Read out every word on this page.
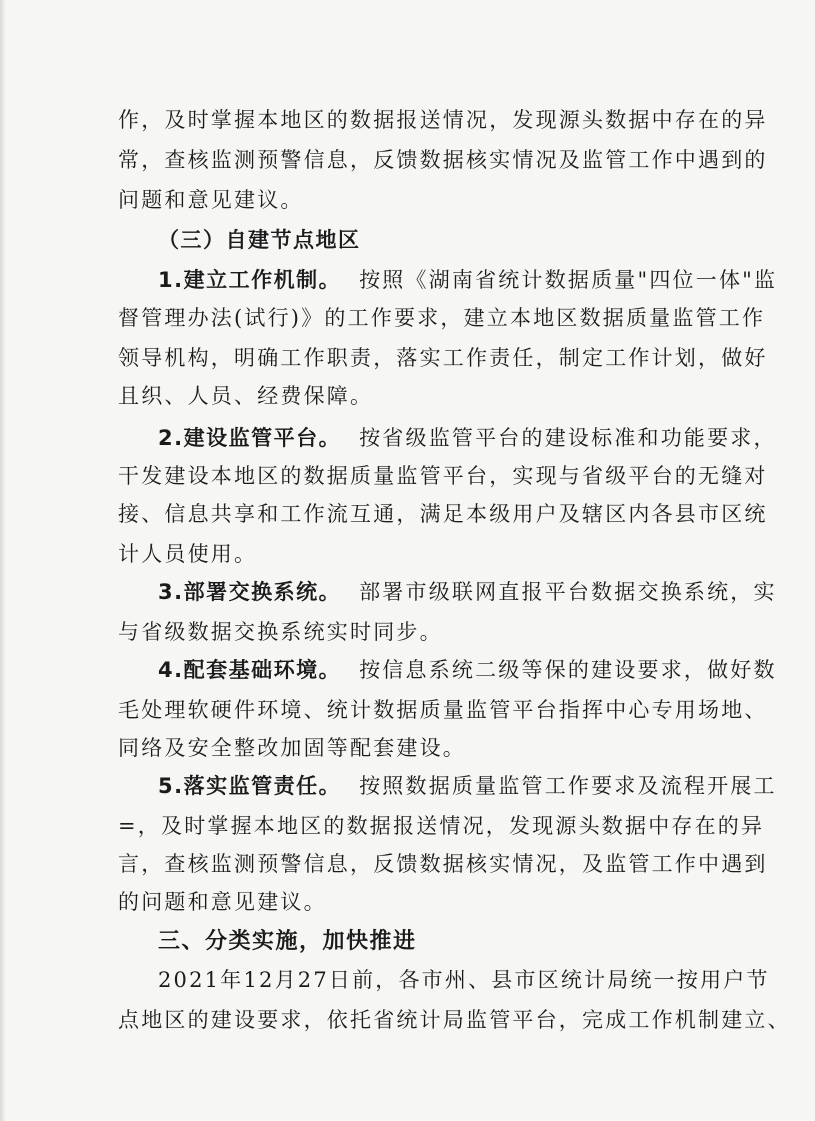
作，及时掌握本地区的数据报送情况，发现源头数据中存在的异
常，查核监测预警信息，反馈数据核实情况及监管工作中遇到的
问题和意见建议。
（三）自建节点地区
1.建立工作机制。 按照《湖南省统计数据质量"四位一体"监
督管理办法(试行)》的工作要求，建立本地区数据质量监管工作
领导机构，明确工作职责，落实工作责任，制定工作计划，做好
且织、人员、经费保障。
2.建设监管平台。 按省级监管平台的建设标准和功能要求，
干发建设本地区的数据质量监管平台，实现与省级平台的无缝对
接、信息共享和工作流互通，满足本级用户及辖区内各县市区统
计人员使用。
3.部署交换系统。 部署市级联网直报平台数据交换系统，实
与省级数据交换系统实时同步。
4.配套基础环境。 按信息系统二级等保的建设要求，做好数
毛处理软硬件环境、统计数据质量监管平台指挥中心专用场地、
同络及安全整改加固等配套建设。
5.落实监管责任。 按照数据质量监管工作要求及流程开展工
=，及时掌握本地区的数据报送情况，发现源头数据中存在的异
言，查核监测预警信息，反馈数据核实情况，及监管工作中遇到
的问题和意见建议。
三、分类实施，加快推进
2021年12月27日前，各市州、县市区统计局统一按用户节
点地区的建设要求，依托省统计局监管平台，完成工作机制建立、
